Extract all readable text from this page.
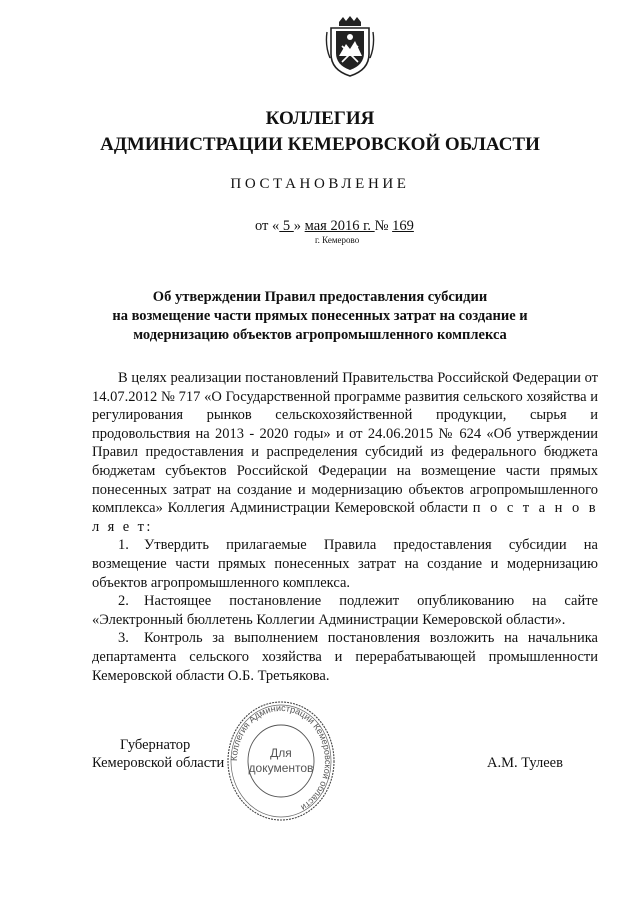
КОЛЛЕГИЯ
АДМИНИСТРАЦИИ КЕМЕРОВСКОЙ ОБЛАСТИ
ПОСТАНОВЛЕНИЕ
от « 5 » мая 2016 г. № 169
г. Кемерово
Об утверждении Правил предоставления субсидии
на возмещение части прямых понесенных затрат на создание и
модернизацию объектов агропромышленного комплекса

В целях реализации постановлений Правительства Российской Федерации от 14.07.2012 № 717 «О Государственной программе развития сельского хозяйства и регулирования рынков сельскохозяйственной продукции, сырья и продовольствия на 2013 - 2020 годы» и от 24.06.2015 № 624 «Об утверждении Правил предоставления и распределения субсидий из федерального бюджета бюджетам субъектов Российской Федерации на возмещение части прямых понесенных затрат на создание и модернизацию объектов агропромышленного комплекса» Коллегия Администрации Кемеровской области п о с т а н о в л я е т:

1. Утвердить прилагаемые Правила предоставления субсидии на возмещение части прямых понесенных затрат на создание и модернизацию объектов агропромышленного комплекса.

2. Настоящее постановление подлежит опубликованию на сайте «Электронный бюллетень Коллегии Администрации Кемеровской области».

3. Контроль за выполнением постановления возложить на начальника департамента сельского хозяйства и перерабатывающей промышленности Кемеровской области О.Б. Третьякова.

Губернатор
Кемеровской области	А.М. Тулеев
Коллегия Администрации Кемеровской области
Для
документов
